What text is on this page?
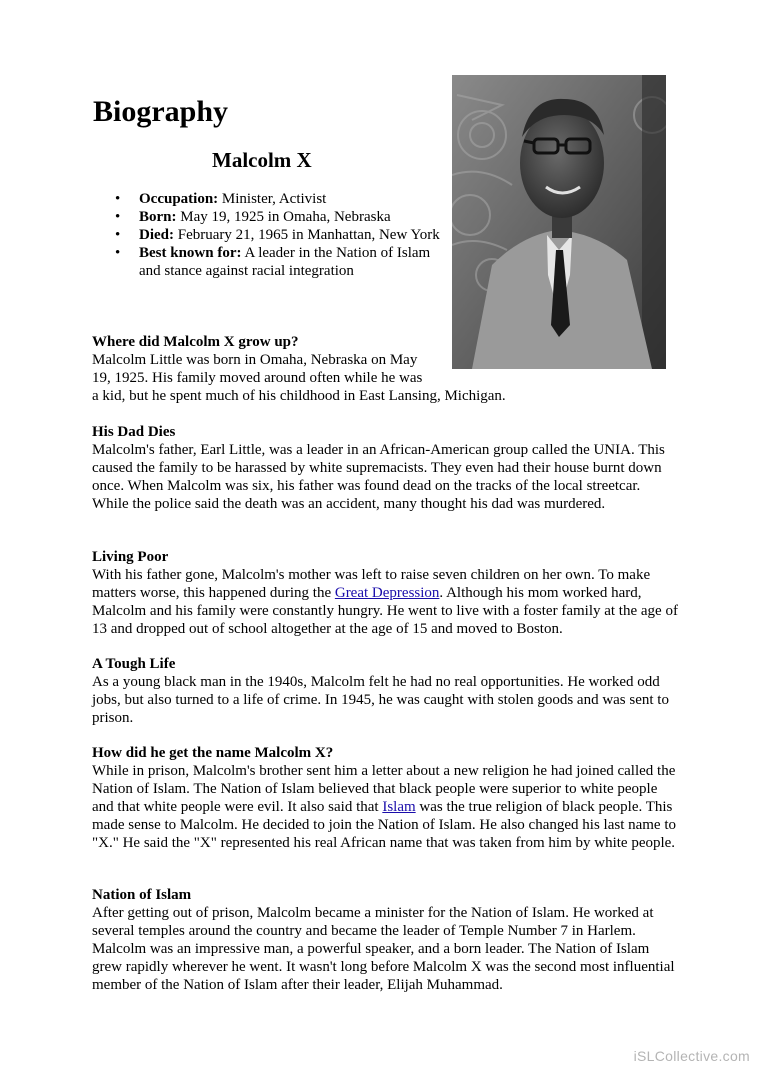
Biography
Malcolm X
• Occupation: Minister, Activist
• Born: May 19, 1925 in Omaha, Nebraska
• Died: February 21, 1965 in Manhattan, New York
• Best known for: A leader in the Nation of Islam and stance against racial integration
Where did Malcolm X grow up?

Malcolm Little was born in Omaha, Nebraska on May
19, 1925. His family moved around often while he was
a kid, but he spent much of his childhood in East Lansing, Michigan.

His Dad Dies

Malcolm's father, Earl Little, was a leader in an African-American group called the UNIA. This caused the family to be harassed by white supremacists. They even had their house burnt down once. When Malcolm was six, his father was found dead on the tracks of the local streetcar. While the police said the death was an accident, many thought his dad was murdered.

Living Poor

With his father gone, Malcolm's mother was left to raise seven children on her own. To make matters worse, this happened during the Great Depression. Although his mom worked hard, Malcolm and his family were constantly hungry. He went to live with a foster family at the age of 13 and dropped out of school altogether at the age of 15 and moved to Boston.

A Tough Life

As a young black man in the 1940s, Malcolm felt he had no real opportunities. He worked odd jobs, but also turned to a life of crime. In 1945, he was caught with stolen goods and was sent to prison.

How did he get the name Malcolm X?

While in prison, Malcolm's brother sent him a letter about a new religion he had joined called the Nation of Islam. The Nation of Islam believed that black people were superior to white people and that white people were evil. It also said that Islam was the true religion of black people. This made sense to Malcolm. He decided to join the Nation of Islam. He also changed his last name to "X." He said the "X" represented his real African name that was taken from him by white people.

Nation of Islam

After getting out of prison, Malcolm became a minister for the Nation of Islam. He worked at several temples around the country and became the leader of Temple Number 7 in Harlem. Malcolm was an impressive man, a powerful speaker, and a born leader. The Nation of Islam grew rapidly wherever he went. It wasn't long before Malcolm X was the second most influential member of the Nation of Islam after their leader, Elijah Muhammad.

iSLCollective.com
